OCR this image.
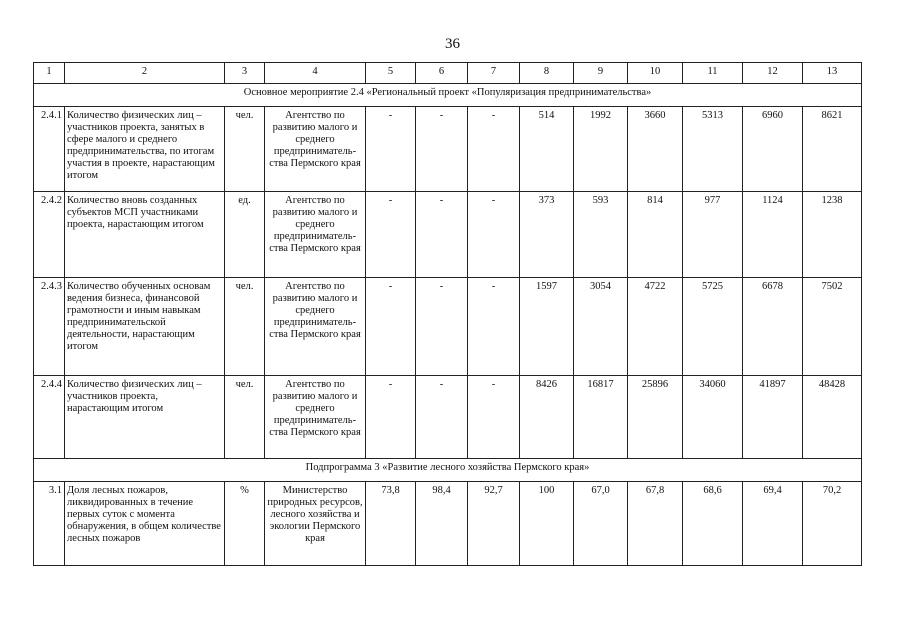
36
1	2	3	4	5	6	7	8	9	10	11	12	13
Основное мероприятие 2.4 «Региональный проект «Популяризация предпринимательства»												
2.4.1	Количество физических лиц – участников проекта, занятых в сфере малого и среднего предпринимательства, по итогам участия в проекте, нарастающим итогом	чел.	Агентство по развитию малого и среднего предприниматель-ства Пермского края	-	-	-	514	1992	3660	5313	6960	8621
2.4.2	Количество вновь созданных субъектов МСП участниками проекта, нарастающим итогом	ед.	Агентство по развитию малого и среднего предприниматель-ства Пермского края	-	-	-	373	593	814	977	1124	1238
2.4.3	Количество обученных основам ведения бизнеса, финансовой грамотности и иным навыкам предпринимательской деятельности, нарастающим итогом	чел.	Агентство по развитию малого и среднего предприниматель-ства Пермского края	-	-	-	1597	3054	4722	5725	6678	7502
2.4.4	Количество физических лиц – участников проекта, нарастающим итогом	чел.	Агентство по развитию малого и среднего предприниматель-ства Пермского края	-	-	-	8426	16817	25896	34060	41897	48428
Подпрограмма 3 «Развитие лесного хозяйства Пермского края»												
3.1	Доля лесных пожаров, ликвидированных в течение первых суток с момента обнаружения, в общем количестве лесных пожаров	%	Министерство природных ресурсов, лесного хозяйства и экологии Пермского края	73,8	98,4	92,7	100	67,0	67,8	68,6	69,4	70,2
